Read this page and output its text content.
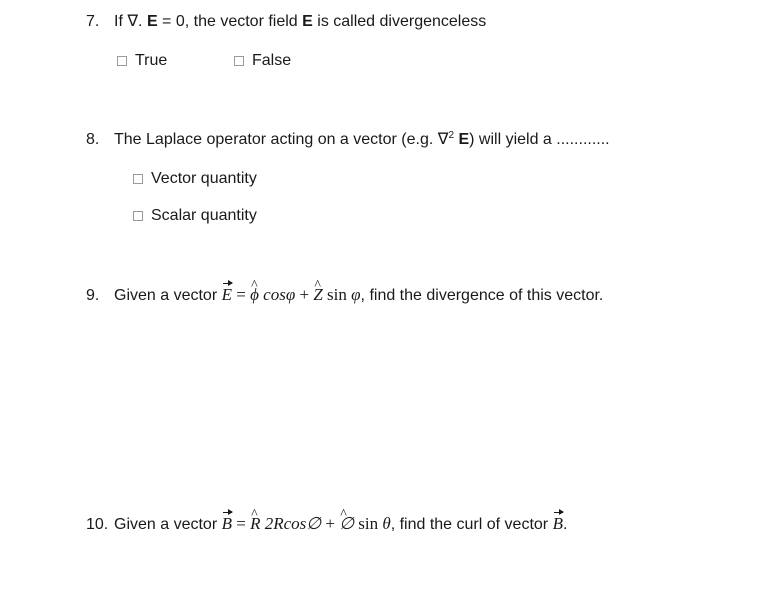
7. If ∇. E = 0, the vector field E is called divergenceless
True	False
8. The Laplace operator acting on a vector (e.g. ∇$^2$ E) will yield a ............
Vector quantity
Scalar quantity
9. Given a vector E = ^ ϕ cosφ + ^ Z sin φ, find the divergence of this vector.
10. Given a vector B = ^ R 2Rcos∅ + ^ ∅ sin θ, find the curl of vector B.
